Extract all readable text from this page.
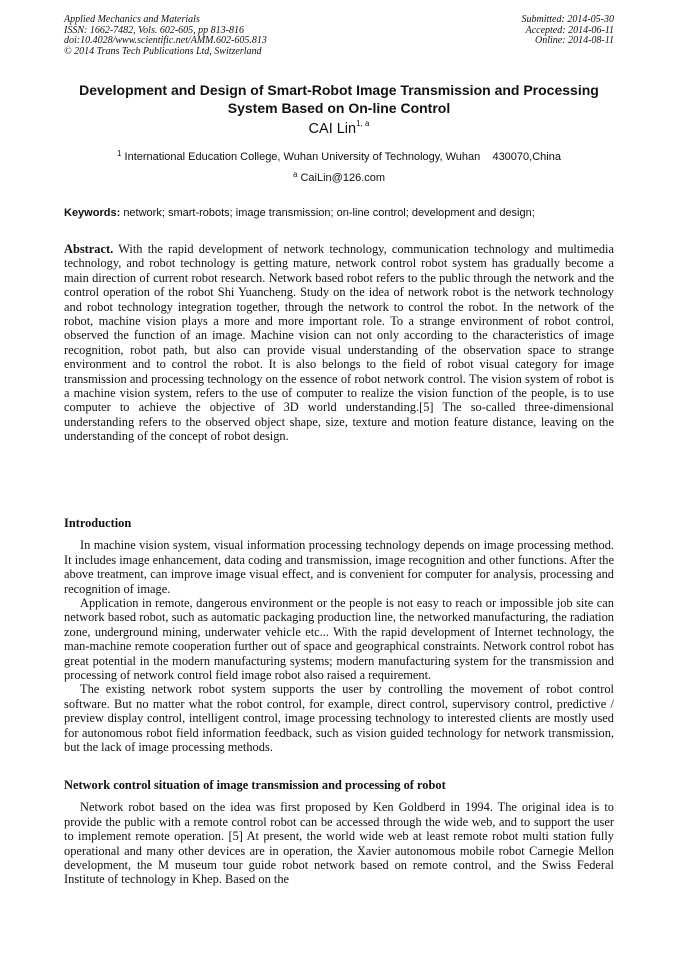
Applied Mechanics and Materials
ISSN: 1662-7482, Vols. 602-605, pp 813-816
doi:10.4028/www.scientific.net/AMM.602-605.813
© 2014 Trans Tech Publications Ltd, Switzerland
Submitted: 2014-05-30
Accepted: 2014-06-11
Online: 2014-08-11
Development and Design of Smart-Robot Image Transmission and Processing System Based on On-line Control
CAI Lin$^{1, a}$
$^1$ International Education College, Wuhan University of Technology, Wuhan    430070,China
$^a$ CaiLin@126.com
Keywords: network; smart-robots; image transmission; on-line control; development and design;

Abstract. With the rapid development of network technology, communication technology and multimedia technology, and robot technology is getting mature, network control robot system has gradually become a main direction of current robot research. Network based robot refers to the public through the network and the control operation of the robot Shi Yuancheng. Study on the idea of network robot is the network technology and robot technology integration together, through the network to control the robot. In the network of the robot, machine vision plays a more and more important role. To a strange environment of robot control, observed the function of an image. Machine vision can not only according to the characteristics of image recognition, robot path, but also can provide visual understanding of the observation space to strange environment and to control the robot. It is also belongs to the field of robot visual category for image transmission and processing technology on the essence of robot network control. The vision system of robot is a machine vision system, refers to the use of computer to realize the vision function of the people, is to use computer to achieve the objective of 3D world understanding.[5] The so-called three-dimensional understanding refers to the observed object shape, size, texture and motion feature distance, leaving on the understanding of the concept of robot design.

Introduction

In machine vision system, visual information processing technology depends on image processing method. It includes image enhancement, data coding and transmission, image recognition and other functions. After the above treatment, can improve image visual effect, and is convenient for computer for analysis, processing and recognition of image.

Application in remote, dangerous environment or the people is not easy to reach or impossible job site can network based robot, such as automatic packaging production line, the networked manufacturing, the radiation zone, underground mining, underwater vehicle etc... With the rapid development of Internet technology, the man-machine remote cooperation further out of space and geographical constraints. Network control robot has great potential in the modern manufacturing systems; modern manufacturing system for the transmission and processing of network control field image robot also raised a requirement.

The existing network robot system supports the user by controlling the movement of robot control software. But no matter what the robot control, for example, direct control, supervisory control, predictive / preview display control, intelligent control, image processing technology to interested clients are mostly used for autonomous robot field information feedback, such as vision guided technology for network transmission, but the lack of image processing methods.

Network control situation of image transmission and processing of robot

Network robot based on the idea was first proposed by Ken Goldberd in 1994. The original idea is to provide the public with a remote control robot can be accessed through the wide web, and to support the user to implement remote operation. [5] At present, the world wide web at least remote robot multi station fully operational and many other devices are in operation, the Xavier autonomous mobile robot Carnegie Mellon development, the M museum tour guide robot network based on remote control, and the Swiss Federal Institute of technology in Khep. Based on the
